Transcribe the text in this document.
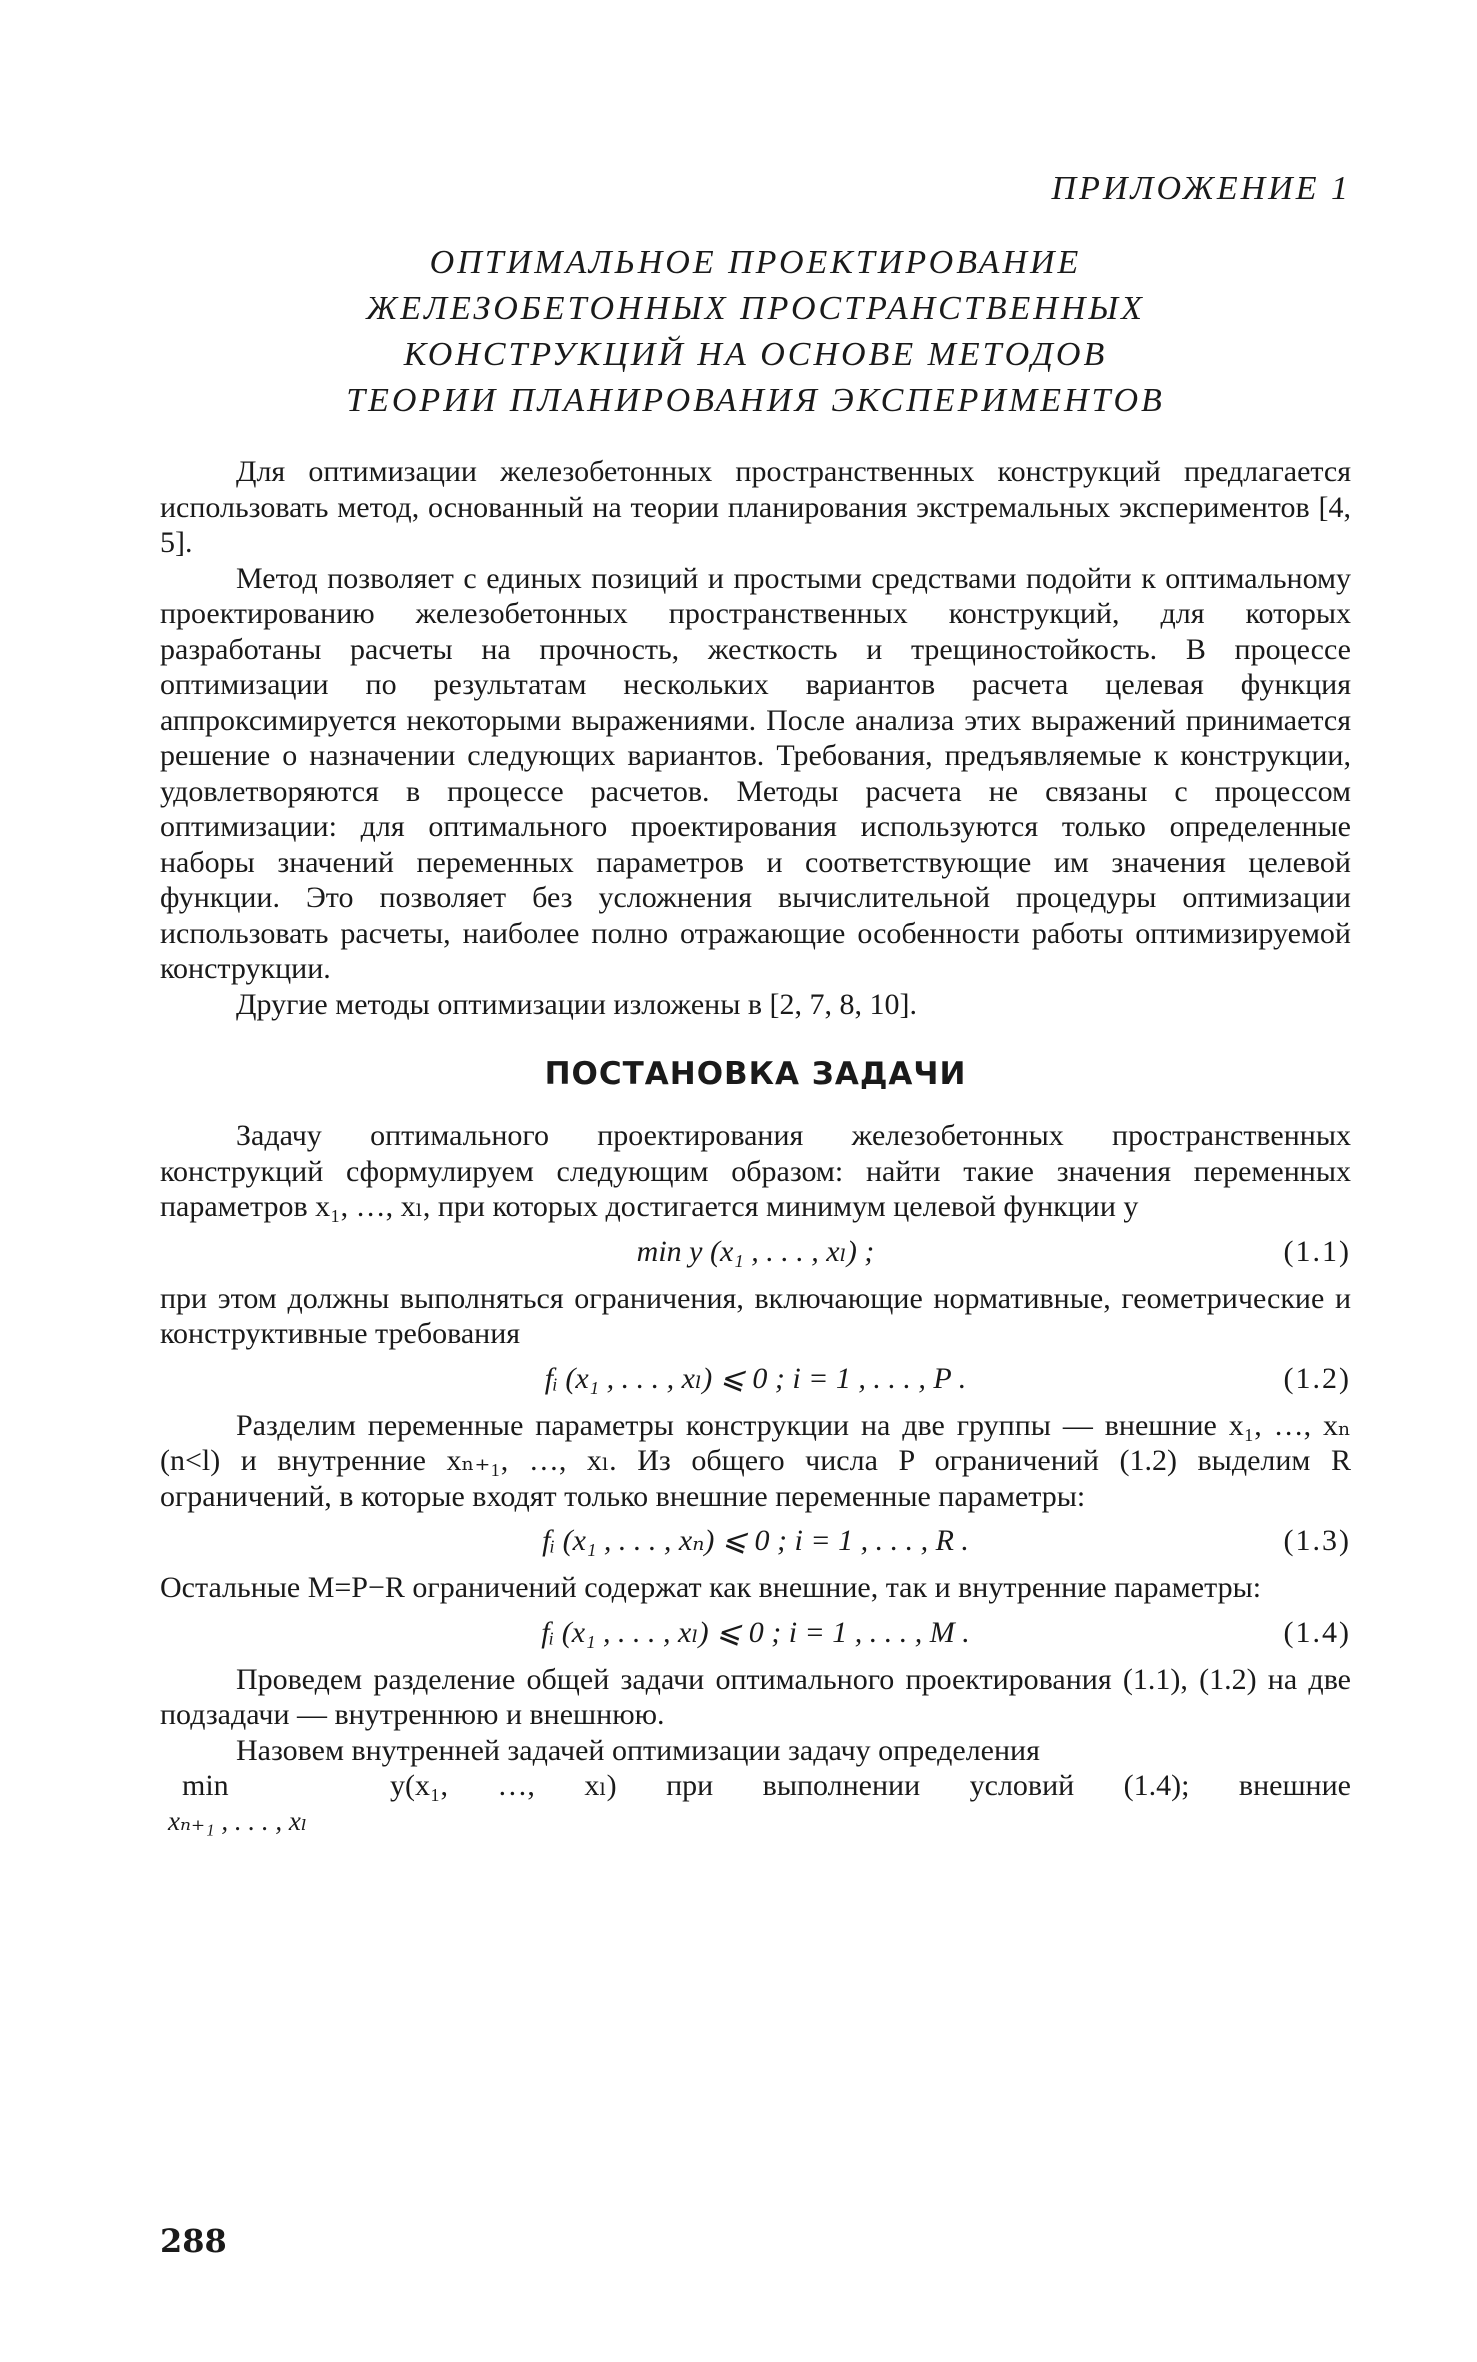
ПРИЛОЖЕНИЕ 1
ОПТИМАЛЬНОЕ ПРОЕКТИРОВАНИЕ
ЖЕЛЕЗОБЕТОННЫХ ПРОСТРАНСТВЕННЫХ
КОНСТРУКЦИЙ НА ОСНОВЕ МЕТОДОВ
ТЕОРИИ ПЛАНИРОВАНИЯ ЭКСПЕРИМЕНТОВ

Для оптимизации железобетонных пространственных конструкций предлагается использовать метод, основанный на теории планирования экстремальных экспериментов [4, 5].

Метод позволяет с единых позиций и простыми средствами подойти к оптимальному проектированию железобетонных пространственных конструкций, для которых разработаны расчеты на прочность, жесткость и трещиностойкость. В процессе оптимизации по результатам нескольких вариантов расчета целевая функция аппроксимируется некоторыми выражениями. После анализа этих выражений принимается решение о назначении следующих вариантов. Требования, предъявляемые к конструкции, удовлетворяются в процессе расчетов. Методы расчета не связаны с процессом оптимизации: для оптимального проектирования используются только определенные наборы значений переменных параметров и соответствующие им значения целевой функции. Это позволяет без усложнения вычислительной процедуры оптимизации использовать расчеты, наиболее полно отражающие особенности работы оптимизируемой конструкции.

Другие методы оптимизации изложены в [2, 7, 8, 10].

ПОСТАНОВКА ЗАДАЧИ

Задачу оптимального проектирования железобетонных пространственных конструкций сформулируем следующим образом: найти такие значения переменных параметров x₁, …, xₗ, при которых достигается минимум целевой функции y

min y (x₁ , . . . , xₗ) ;	(1.1)

при этом должны выполняться ограничения, включающие нормативные, геометрические и конструктивные требования

fᵢ (x₁ , . . . , xₗ) ⩽ 0 ; i = 1 , . . . , P .	(1.2)

Разделим переменные параметры конструкции на две группы — внешние x₁, …, xₙ (n<l) и внутренние xₙ₊₁, …, xₗ. Из общего числа P ограничений (1.2) выделим R ограничений, в которые входят только внешние переменные параметры:

fᵢ (x₁ , . . . , xₙ) ⩽ 0 ; i = 1 , . . . , R .	(1.3)

Остальные M=P−R ограничений содержат как внешние, так и внутренние параметры:

fᵢ (x₁ , . . . , xₗ) ⩽ 0 ; i = 1 , . . . , M .	(1.4)

Проведем разделение общей задачи оптимального проектирования (1.1), (1.2) на две подзадачи — внутреннюю и внешнюю.

Назовем внутренней задачей оптимизации задачу определения

min	y(x₁, …, xₗ) при выполнении условий (1.4); внешние
xₙ₊₁ , . . . , xₗ
288
